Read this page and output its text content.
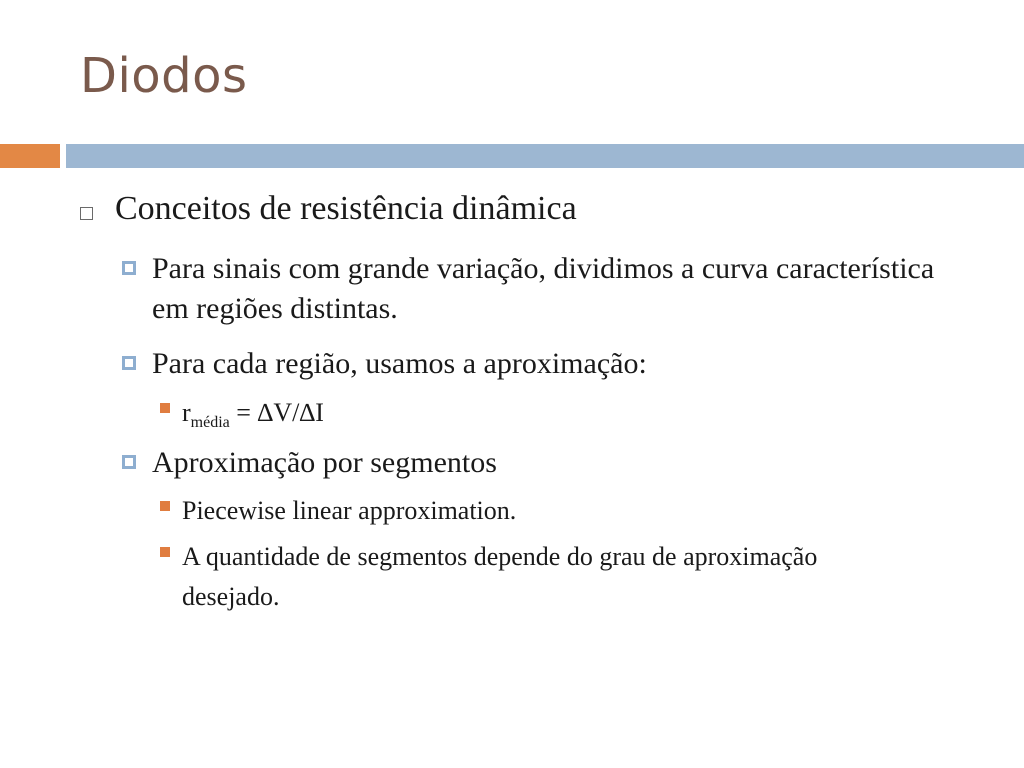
Diodos
Conceitos de resistência dinâmica
Para sinais com grande variação, dividimos a curva característica em regiões distintas.
Para cada região, usamos a aproximação:
$r_{média} = \Delta V/\Delta I$
Aproximação por segmentos
Piecewise linear approximation.
A quantidade de segmentos depende do grau de aproximação desejado.
